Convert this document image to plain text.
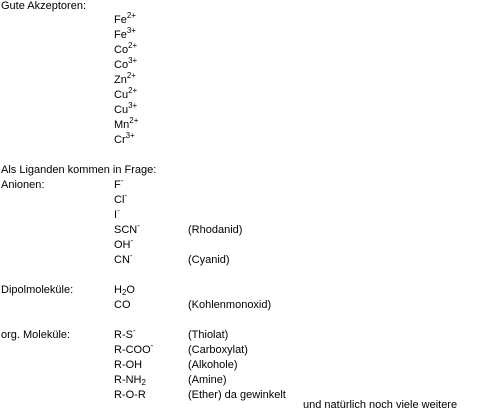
Gute Akzeptoren:
$Fe^{2+}$
$Fe^{3+}$
$Co^{2+}$
$Co^{3+}$
$Zn^{2+}$
$Cu^{2+}$
$Cu^{3+}$
$Mn^{2+}$
$Cr^{3+}$
Als Liganden kommen in Frage:
Anionen:	F-
Cl-
I-
SCN-	(Rhodanid)
OH-
CN-	(Cyanid)
Dipolmoleküle:	$H_2O$
CO	(Kohlenmonoxid)
org. Moleküle:	R-S-	(Thiolat)
R-COO-	(Carboxylat)
R-OH	(Alkohole)
$R-NH_2$	(Amine)
R-O-R	(Ether) da gewinkelt
und natürlich noch viele weitere
